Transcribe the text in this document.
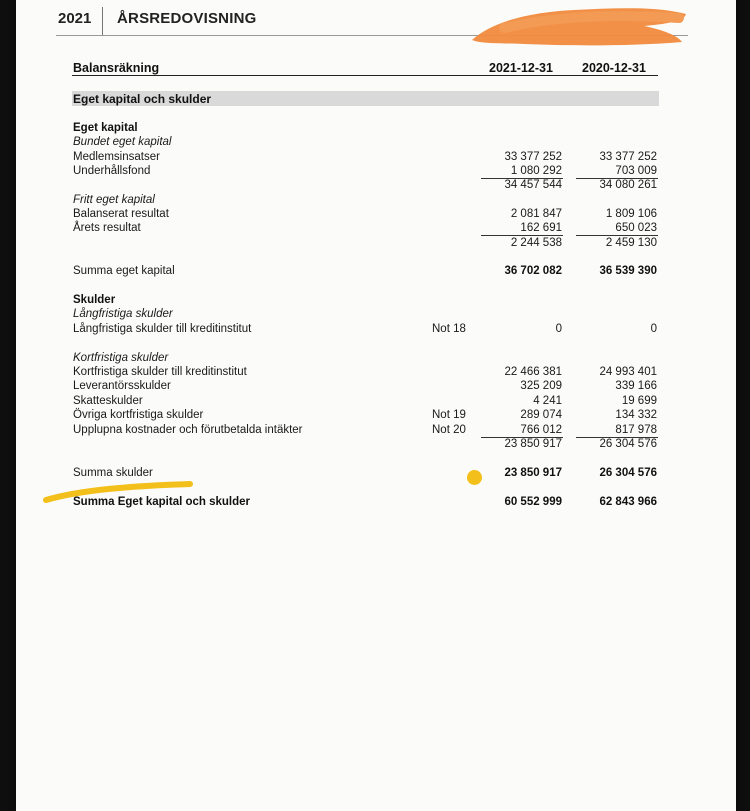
2021 ÅRSREDOVISNING
Balansräkning	2021-12-31 2020-12-31
Eget kapital och skulder
Eget kapital
Bundet eget kapital
Medlemsinsatser	33 377 252	33 377 252
Underhållsfond	1 080 292	703 009
34 457 544	34 080 261
Fritt eget kapital
Balanserat resultat	2 081 847	1 809 106
Årets resultat	162 691	650 023
2 244 538	2 459 130
Summa eget kapital	36 702 082	36 539 390
Skulder
Långfristiga skulder
Långfristiga skulder till kreditinstitut	Not 18	0	0
Kortfristiga skulder
Kortfristiga skulder till kreditinstitut	22 466 381	24 993 401
Leverantörsskulder	325 209	339 166
Skatteskulder	4 241	19 699
Övriga kortfristiga skulder	Not 19	289 074	134 332
Upplupna kostnader och förutbetalda intäkter	Not 20	766 012	817 978
23 850 917	26 304 576
Summa skulder	23 850 917	26 304 576
Summa Eget kapital och skulder	60 552 999	62 843 966
